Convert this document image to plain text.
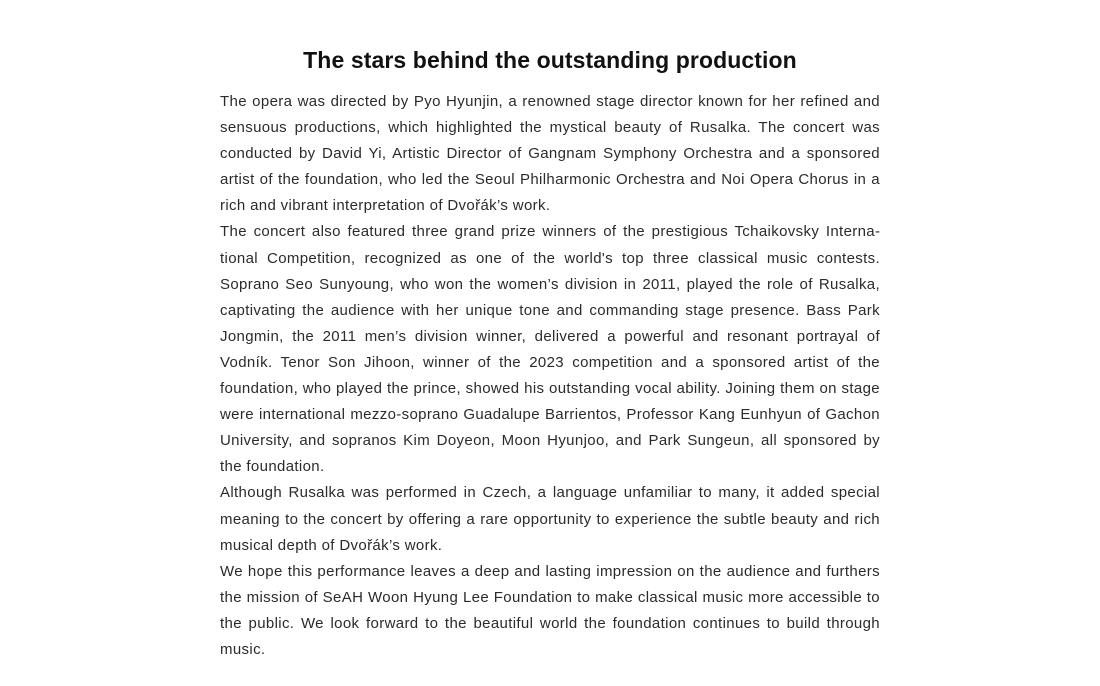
The stars behind the outstanding production

The opera was directed by Pyo Hyunjin, a renowned stage director known for her refined and sensuous productions, which highlighted the mystical beauty of Rusalka. The concert was conducted by David Yi, Artistic Director of Gangnam Symphony Orchestra and a sponsored artist of the foundation, who led the Seoul Philharmonic Orchestra and Noi Opera Chorus in a rich and vibrant interpretation of Dvořák’s work.

The concert also featured three grand prize winners of the prestigious Tchaikovsky International Competition, recognized as one of the world's top three classical music contests. Soprano Seo Sunyoung, who won the women’s division in 2011, played the role of Rusalka, captivating the audience with her unique tone and commanding stage presence. Bass Park Jongmin, the 2011 men’s division winner, delivered a powerful and resonant portrayal of Vodník. Tenor Son Jihoon, winner of the 2023 competition and a sponsored artist of the foundation, who played the prince, showed his outstanding vocal ability. Joining them on stage were international mezzo-soprano Guadalupe Barrientos, Professor Kang Eunhyun of Gachon University, and sopranos Kim Doyeon, Moon Hyunjoo, and Park Sungeun, all sponsored by the foundation.

Although Rusalka was performed in Czech, a language unfamiliar to many, it added special meaning to the concert by offering a rare opportunity to experience the subtle beauty and rich musical depth of Dvořák’s work.

We hope this performance leaves a deep and lasting impression on the audience and furthers the mission of SeAH Woon Hyung Lee Foundation to make classical music more accessible to the public. We look forward to the beautiful world the foundation continues to build through music.
